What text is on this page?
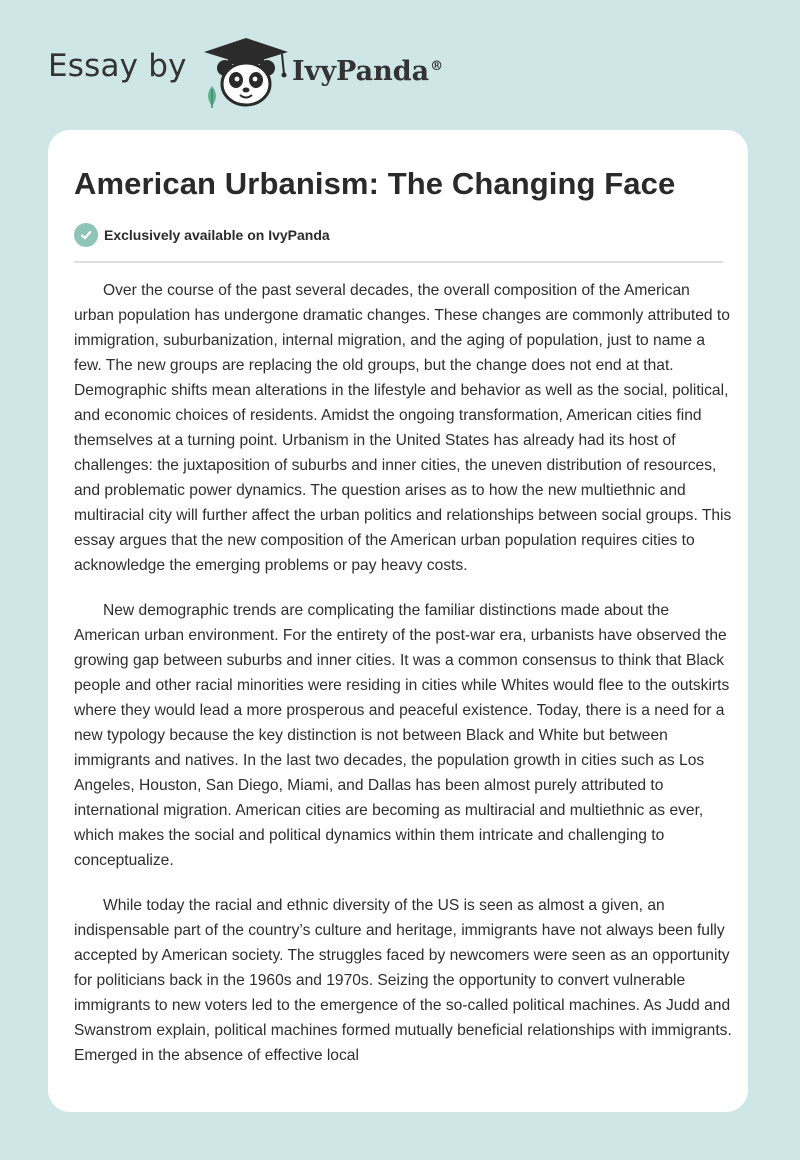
Essay by	IvyPanda®
American Urbanism: The Changing Face
Exclusively available on IvyPanda

Over the course of the past several decades, the overall composition of the American urban population has undergone dramatic changes. These changes are commonly attributed to immigration, suburbanization, internal migration, and the aging of population, just to name a few. The new groups are replacing the old groups, but the change does not end at that. Demographic shifts mean alterations in the lifestyle and behavior as well as the social, political, and economic choices of residents. Amidst the ongoing transformation, American cities find themselves at a turning point. Urbanism in the United States has already had its host of challenges: the juxtaposition of suburbs and inner cities, the uneven distribution of resources, and problematic power dynamics. The question arises as to how the new multiethnic and multiracial city will further affect the urban politics and relationships between social groups. This essay argues that the new composition of the American urban population requires cities to acknowledge the emerging problems or pay heavy costs.

New demographic trends are complicating the familiar distinctions made about the American urban environment. For the entirety of the post-war era, urbanists have observed the growing gap between suburbs and inner cities. It was a common consensus to think that Black people and other racial minorities were residing in cities while Whites would flee to the outskirts where they would lead a more prosperous and peaceful existence. Today, there is a need for a new typology because the key distinction is not between Black and White but between immigrants and natives. In the last two decades, the population growth in cities such as Los Angeles, Houston, San Diego, Miami, and Dallas has been almost purely attributed to international migration. American cities are becoming as multiracial and multiethnic as ever, which makes the social and political dynamics within them intricate and challenging to conceptualize.

While today the racial and ethnic diversity of the US is seen as almost a given, an indispensable part of the country’s culture and heritage, immigrants have not always been fully accepted by American society. The struggles faced by newcomers were seen as an opportunity for politicians back in the 1960s and 1970s. Seizing the opportunity to convert vulnerable immigrants to new voters led to the emergence of the so-called political machines. As Judd and Swanstrom explain, political machines formed mutually beneficial relationships with immigrants. Emerged in the absence of effective local
